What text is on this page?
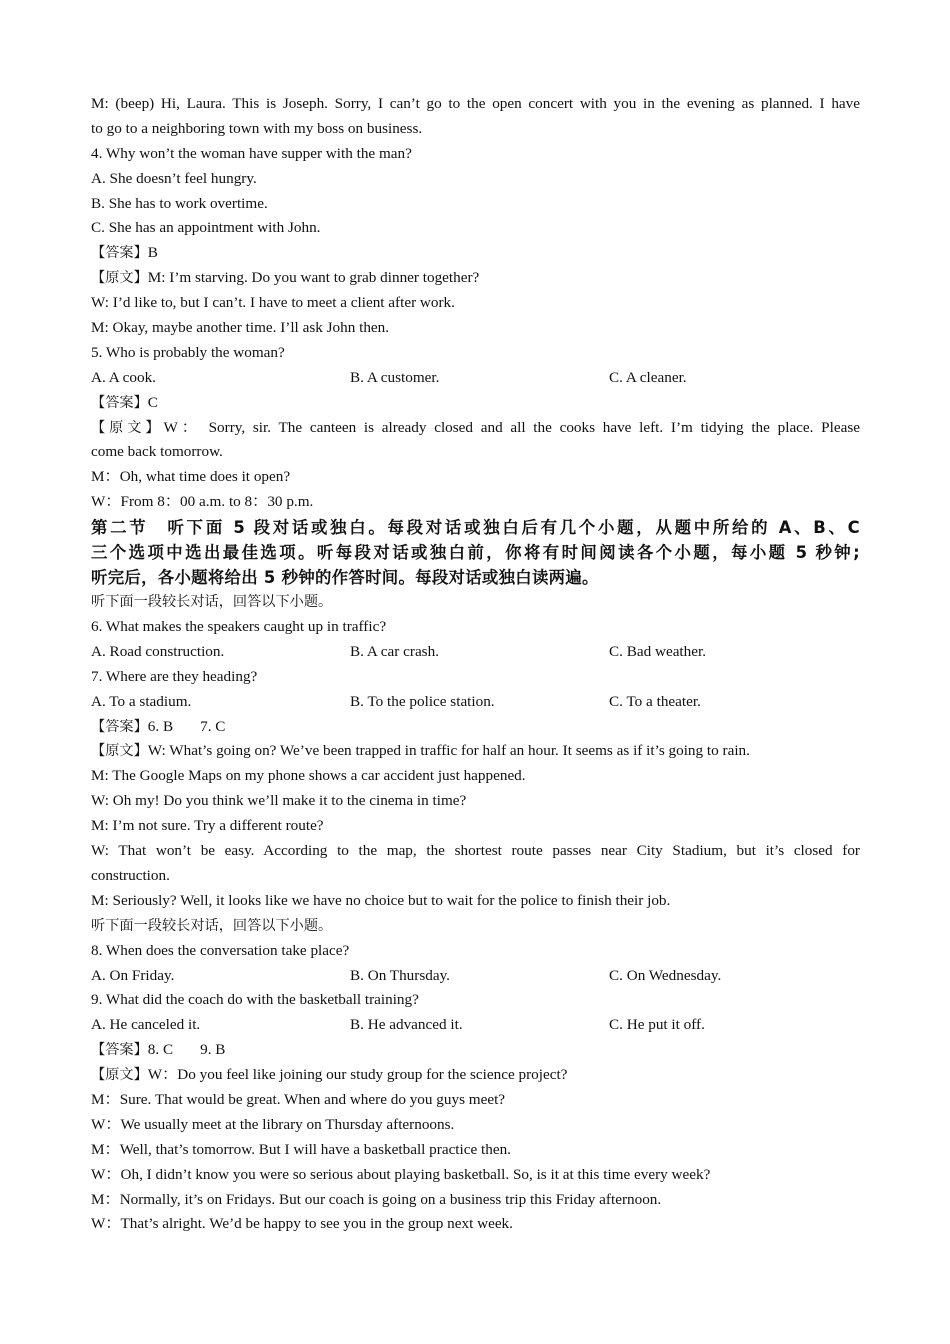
M: (beep) Hi, Laura. This is Joseph. Sorry, I can’t go to the open concert with you in the evening as planned. I have
to go to a neighboring town with my boss on business.
4. Why won’t the woman have supper with the man?
A. She doesn’t feel hungry.
B. She has to work overtime.
C. She has an appointment with John.
【答案】B
【原文】M: I’m starving. Do you want to grab dinner together?
W: I’d like to, but I can’t. I have to meet a client after work.
M: Okay, maybe another time. I’ll ask John then.
5. Who is probably the woman?
A. A cook.	B. A customer.	C. A cleaner.
【答案】C
【原文】W： Sorry, sir. The canteen is already closed and all the cooks have left. I’m tidying the place. Please
come back tomorrow.
M：Oh, what time does it open?
W：From 8：00 a.m. to 8：30 p.m.
第二节　听下面 5 段对话或独白。每段对话或独白后有几个小题，从题中所给的 A、B、C
三个选项中选出最佳选项。听每段对话或独白前，你将有时间阅读各个小题，每小题 5 秒钟;
听完后，各小题将给出 5 秒钟的作答时间。每段对话或独白读两遍。
听下面一段较长对话，回答以下小题。
6. What makes the speakers caught up in traffic?
A. Road construction.	B. A car crash.	C. Bad weather.
7. Where are they heading?
A. To a stadium.	B. To the police station.	C. To a theater.
【答案】6. B 7. C
【原文】W: What’s going on? We’ve been trapped in traffic for half an hour. It seems as if it’s going to rain.
M: The Google Maps on my phone shows a car accident just happened.
W: Oh my! Do you think we’ll make it to the cinema in time?
M: I’m not sure. Try a different route?
W: That won’t be easy. According to the map, the shortest route passes near City Stadium, but it’s closed for
construction.
M: Seriously? Well, it looks like we have no choice but to wait for the police to finish their job.
听下面一段较长对话，回答以下小题。
8. When does the conversation take place?
A. On Friday.	B. On Thursday.	C. On Wednesday.
9. What did the coach do with the basketball training?
A. He canceled it.	B. He advanced it.	C. He put it off.
【答案】8. C 9. B
【原文】W：Do you feel like joining our study group for the science project?
M：Sure. That would be great. When and where do you guys meet?
W：We usually meet at the library on Thursday afternoons.
M：Well, that’s tomorrow. But I will have a basketball practice then.
W：Oh, I didn’t know you were so serious about playing basketball. So, is it at this time every week?
M：Normally, it’s on Fridays. But our coach is going on a business trip this Friday afternoon.
W：That’s alright. We’d be happy to see you in the group next week.
